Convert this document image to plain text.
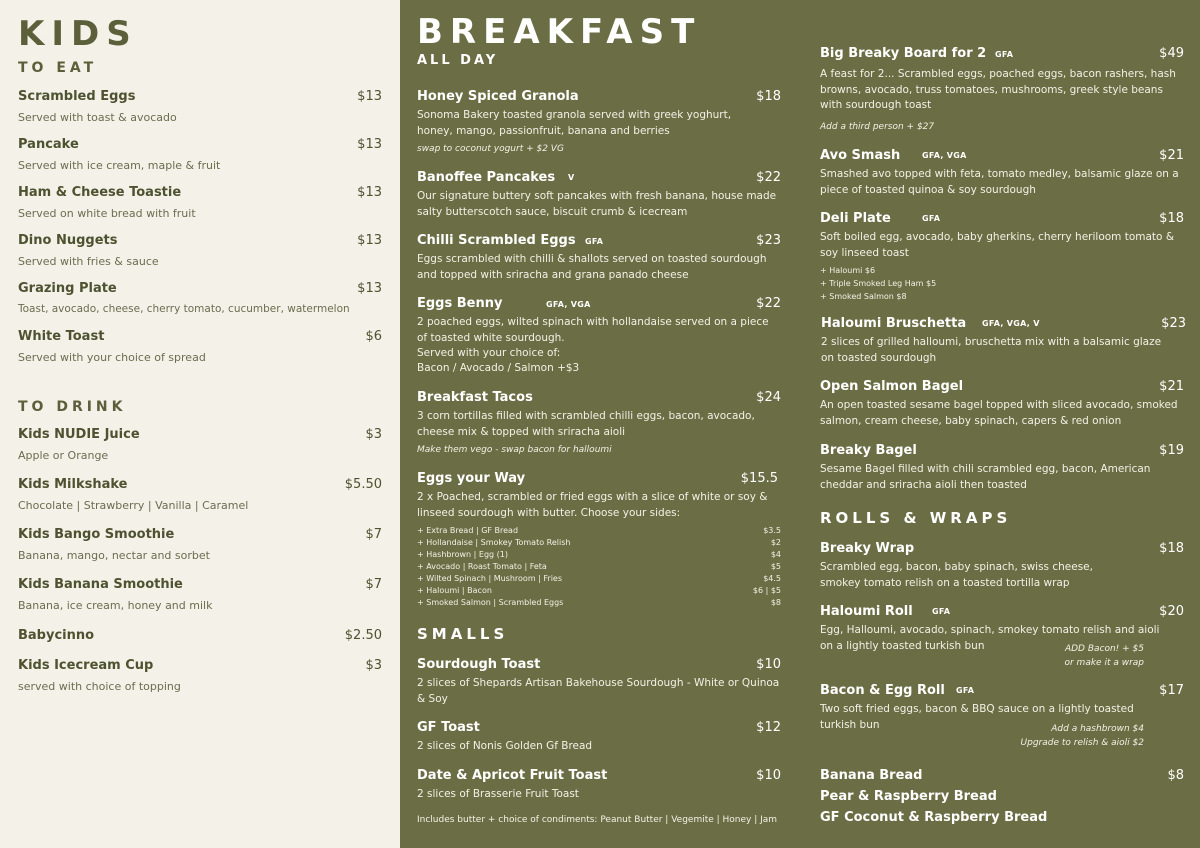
KIDS
TO EAT
Scrambled Eggs	$13
Served with toast & avocado
Pancake	$13
Served with ice cream, maple & fruit
Ham & Cheese Toastie	$13
Served on white bread with fruit
Dino Nuggets	$13
Served with fries & sauce
Grazing Plate	$13
Toast, avocado, cheese, cherry tomato, cucumber, watermelon
White Toast	$6
Served with your choice of spread
TO DRINK
Kids NUDIE Juice	$3
Apple or Orange
Kids Milkshake	$5.50
Chocolate | Strawberry | Vanilla | Caramel
Kids Bango Smoothie	$7
Banana, mango, nectar and sorbet
Kids Banana Smoothie	$7
Banana, ice cream, honey and milk
Babycinno	$2.50
Kids Icecream Cup	$3
served with choice of topping
BREAKFAST
ALL DAY
Honey Spiced Granola	$18
Sonoma Bakery toasted granola served with greek yoghurt, honey, mango, passionfruit, banana and berries
swap to coconut yogurt + $2 VG
Banoffee Pancakes V	$22
Our signature buttery soft pancakes with fresh banana, house made salty butterscotch sauce, biscuit crumb & icecream
Chilli Scrambled Eggs GFA	$23
Eggs scrambled with chilli & shallots served on toasted sourdough and topped with sriracha and grana panado cheese
Eggs Benny	GFA, VGA	$22
2 poached eggs, wilted spinach with hollandaise served on a piece of toasted white sourdough.
Served with your choice of:
Bacon / Avocado / Salmon +$3
Breakfast Tacos	$24
3 corn tortillas filled with scrambled chilli eggs, bacon, avocado, cheese mix & topped with sriracha aioli
Make them vego - swap bacon for halloumi
Eggs your Way	$15.5
2 x Poached, scrambled or fried eggs with a slice of white or soy & linseed sourdough with butter. Choose your sides:
+ Extra Bread | GF Bread	$3.5
+ Hollandaise | Smokey Tomato Relish	$2
+ Hashbrown | Egg (1)	$4
+ Avocado | Roast Tomato | Feta	$5
+ Wilted Spinach | Mushroom | Fries	$4.5
+ Haloumi | Bacon	$6 | $5
+ Smoked Salmon | Scrambled Eggs	$8
SMALLS
Sourdough Toast	$10
2 slices of Shepards Artisan Bakehouse Sourdough - White or Quinoa & Soy
GF Toast	$12
2 slices of Nonis Golden Gf Bread
Date & Apricot Fruit Toast	$10
2 slices of Brasserie Fruit Toast
Includes butter + choice of condiments: Peanut Butter | Vegemite | Honey | Jam
Big Breaky Board for 2 GFA	$49
A feast for 2... Scrambled eggs, poached eggs, bacon rashers, hash browns, avocado, truss tomatoes, mushrooms, greek style beans with sourdough toast
Add a third person + $27
Avo Smash	GFA, VGA	$21
Smashed avo topped with feta, tomato medley, balsamic glaze on a piece of toasted quinoa & soy sourdough
Deli Plate	GFA	$18
Soft boiled egg, avocado, baby gherkins, cherry heriloom tomato & soy linseed toast
+ Haloumi $6
+ Triple Smoked Leg Ham $5
+ Smoked Salmon $8
Haloumi Bruschetta GFA, VGA, V	$23
2 slices of grilled halloumi, bruschetta mix with a balsamic glaze on toasted sourdough
Open Salmon Bagel	$21
An open toasted sesame bagel topped with sliced avocado, smoked salmon, cream cheese, baby spinach, capers & red onion
Breaky Bagel	$19
Sesame Bagel filled with chili scrambled egg, bacon, American cheddar and sriracha aioli then toasted
ROLLS & WRAPS
Breaky Wrap	$18
Scrambled egg, bacon, baby spinach, swiss cheese, smokey tomato relish on a toasted tortilla wrap
Haloumi Roll GFA	$20
Egg, Halloumi, avocado, spinach, smokey tomato relish and aioli on a lightly toasted turkish bun	ADD Bacon! + $5
or make it a wrap
Bacon & Egg Roll GFA	$17
Two soft fried eggs, bacon & BBQ sauce on a lightly toasted turkish bun	Add a hashbrown $4
Upgrade to relish & aioli $2
Banana Bread	$8
Pear & Raspberry Bread
GF Coconut & Raspberry Bread
